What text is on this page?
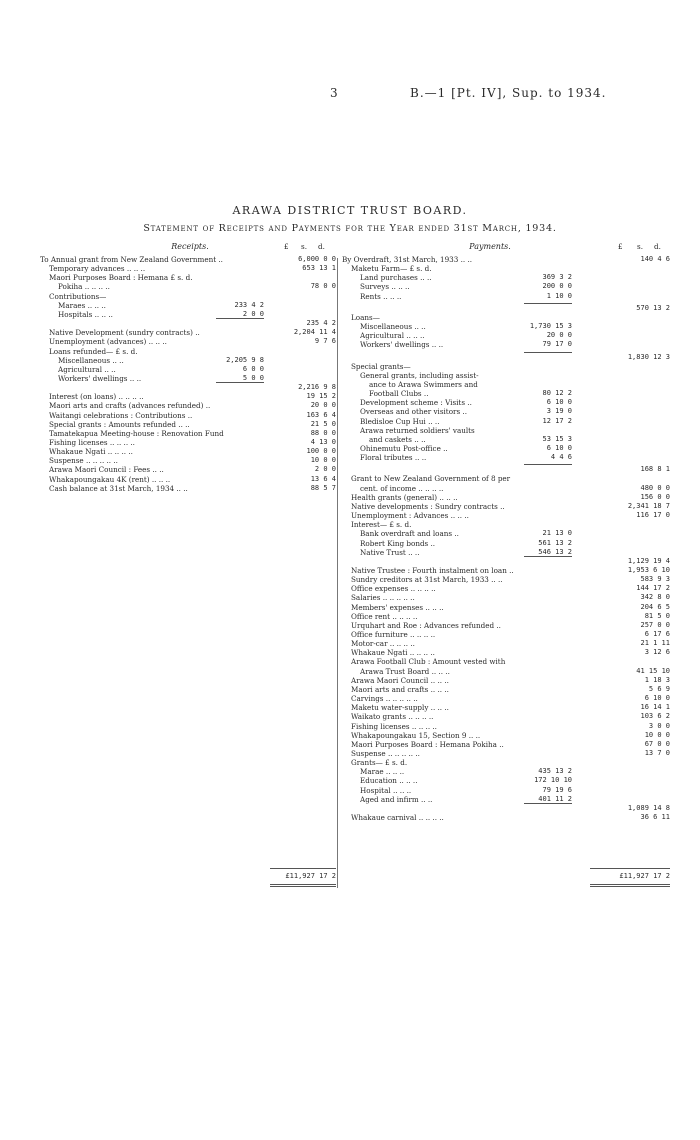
3	B.—1 [Pt. IV], Sup. to 1934.
ARAWA DISTRICT TRUST BOARD.
Statement of Receipts and Payments for the Year ended 31st March, 1934.
Receipts.	Payments.
£ s. d.	£ s. d.
To Annual grant from New Zealand Government ..	6,000 0 0
Temporary advances .. .. ..	653 13 1
Maori Purposes Board : Hemana £ s. d.
Pokiha .. .. .. ..	78 0 0
Contributions—
Maraes .. .. ..	233 4 2
Hospitals .. .. ..	2 0 0
235 4 2
Native Development (sundry contracts) ..	2,204 11 4
Unemployment (advances) .. .. ..	9 7 6
Loans refunded— £ s. d.
Miscellaneous .. ..	2,205 9 8
Agricultural .. ..	6 0 0
Workers' dwellings .. ..	5 0 0
2,216 9 8
Interest (on loans) .. .. .. ..	19 15 2
Maori arts and crafts (advances refunded) ..	20 0 0
Waitangi celebrations : Contributions ..	163 6 4
Special grants : Amounts refunded .. ..	21 5 0
Tamatekapua Meeting-house : Renovation Fund	88 0 0
Fishing licenses .. .. .. ..	4 13 0
Whakaue Ngati .. .. .. ..	100 0 0
Suspense .. .. .. .. ..	10 0 0
Arawa Maori Council : Fees .. ..	2 0 0
Whakapoungakau 4K (rent) .. .. ..	13 6 4
Cash balance at 31st March, 1934 .. ..	88 5 7
By Overdraft, 31st March, 1933 .. ..	140 4 6
Maketu Farm— £ s. d.
Land purchases .. ..	369 3 2
Surveys .. .. ..	200 0 0
Rents .. .. ..	1 10 0
570 13 2
Loans—
Miscellaneous .. ..	1,730 15 3
Agricultural .. .. ..	20 0 0
Workers' dwellings .. ..	79 17 0
1,830 12 3
Special grants—
General grants, including assist-
ance to Arawa Swimmers and
Football Clubs ..	80 12 2
Development scheme : Visits ..	6 10 0
Overseas and other visitors ..	3 19 0
Bledisloe Cup Hui .. ..	12 17 2
Arawa returned soldiers' vaults
and caskets .. ..	53 15 3
Ohinemutu Post-office ..	6 10 0
Floral tributes .. ..	4 4 6
168 8 1
Grant to New Zealand Government of 8 per
cent. of income .. .. .. ..	480 0 0
Health grants (general) .. .. ..	156 0 0
Native developments : Sundry contracts ..	2,341 18 7
Unemployment : Advances .. .. ..	116 17 0
Interest— £ s. d.
Bank overdraft and loans ..	21 13 0
Robert King bonds ..	561 13 2
Native Trust .. ..	546 13 2
1,129 19 4
Native Trustee : Fourth instalment on loan ..	1,953 6 10
Sundry creditors at 31st March, 1933 .. ..	583 9 3
Office expenses .. .. .. ..	144 17 2
Salaries .. .. .. .. ..	342 8 0
Members' expenses .. .. ..	204 6 5
Office rent .. .. .. ..	81 5 0
Urquhart and Roe : Advances refunded ..	257 0 0
Office furniture .. .. .. ..	6 17 6
Motor-car .. .. .. ..	21 1 11
Whakaue Ngati .. .. .. ..	3 12 6
Arawa Football Club : Amount vested with
Arawa Trust Board .. .. ..	41 15 10
Arawa Maori Council .. .. ..	1 18 3
Maori arts and crafts .. .. ..	5 6 9
Carvings .. .. .. .. ..	6 10 0
Maketu water-supply .. .. ..	16 14 1
Waikato grants .. .. .. ..	103 6 2
Fishing licenses .. .. .. ..	3 0 0
Whakapoungakau 15, Section 9 .. ..	10 0 0
Maori Purposes Board : Hemana Pokiha ..	67 0 0
Suspense .. .. .. .. ..	13 7 0
Grants— £ s. d.
Marae .. .. ..	435 13 2
Education .. .. ..	172 10 10
Hospital .. .. ..	79 19 6
Aged and infirm .. ..	401 11 2
1,089 14 8
Whakaue carnival .. .. .. ..	36 6 11
£11,927 17 2	£11,927 17 2
